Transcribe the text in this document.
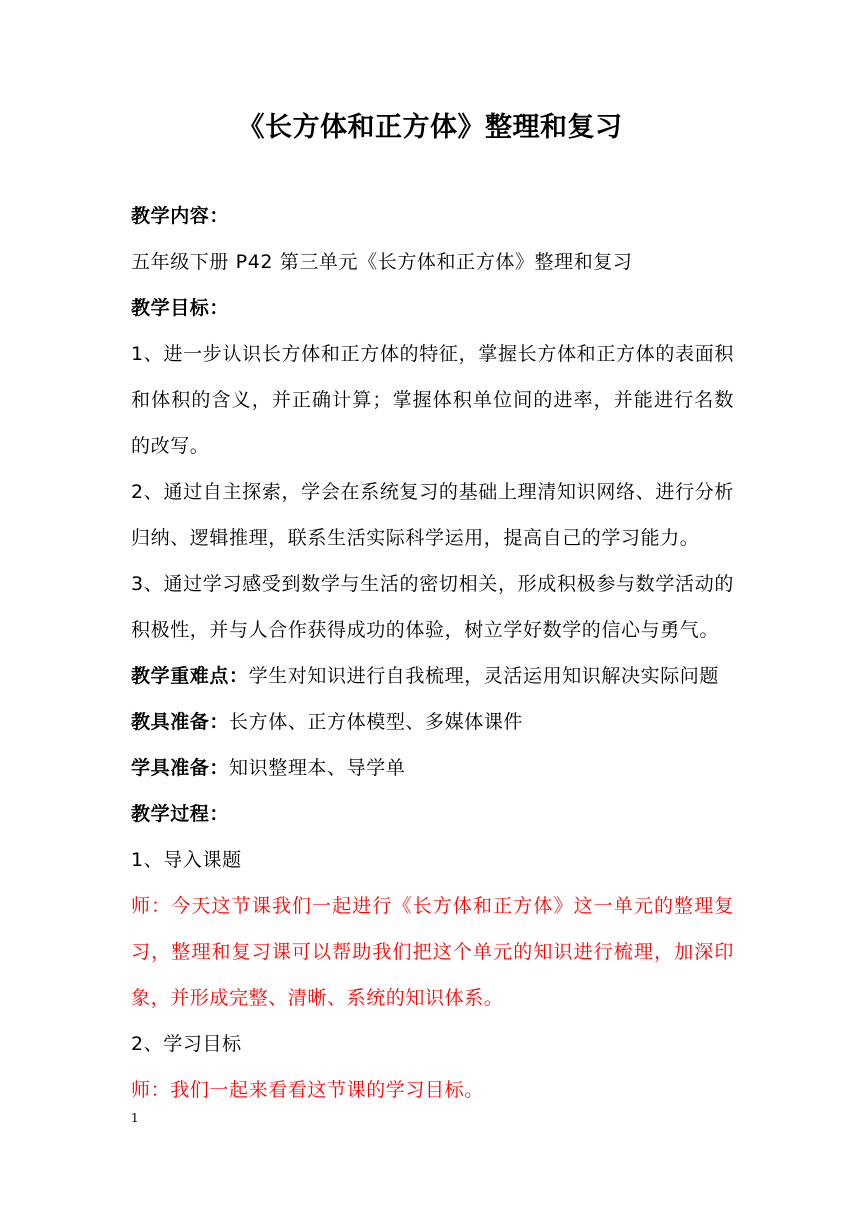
《长方体和正方体》整理和复习

教学内容：

五年级下册 P42 第三单元《长方体和正方体》整理和复习

教学目标：

1、进一步认识长方体和正方体的特征，掌握长方体和正方体的表面积和体积的含义，并正确计算；掌握体积单位间的进率，并能进行名数的改写。

2、通过自主探索，学会在系统复习的基础上理清知识网络、进行分析归纳、逻辑推理，联系生活实际科学运用，提高自己的学习能力。

3、通过学习感受到数学与生活的密切相关，形成积极参与数学活动的积极性，并与人合作获得成功的体验，树立学好数学的信心与勇气。

教学重难点：学生对知识进行自我梳理，灵活运用知识解决实际问题

教具准备：长方体、正方体模型、多媒体课件

学具准备：知识整理本、导学单

教学过程：

1、导入课题

师：今天这节课我们一起进行《长方体和正方体》这一单元的整理复习，整理和复习课可以帮助我们把这个单元的知识进行梳理，加深印象，并形成完整、清晰、系统的知识体系。

2、学习目标

师：我们一起来看看这节课的学习目标。

1
